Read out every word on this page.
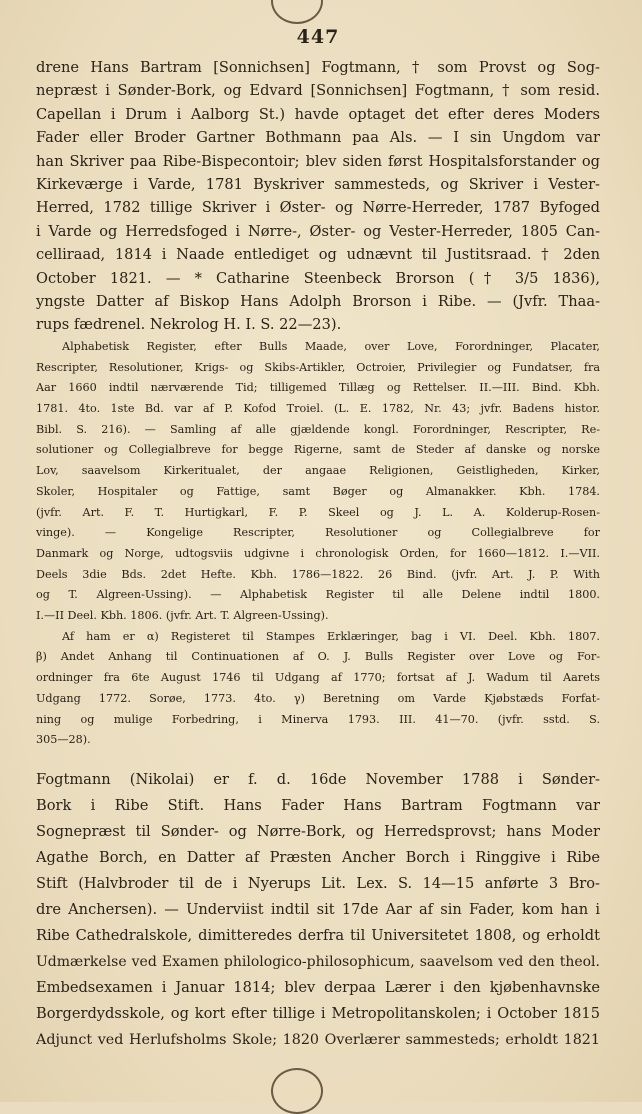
447
drene Hans Bartram [Sonnichsen] Fogtmann, † som Provst og Sog-
nepræst i Sønder-Bork, og Edvard [Sonnichsen] Fogtmann, † som resid.
Capellan i Drum i Aalborg St.) havde optaget det efter deres Moders
Fader eller Broder Gartner Bothmann paa Als. — I sin Ungdom var
han Skriver paa Ribe-Bispecontoir; blev siden først Hospitalsforstander og
Kirkeværge i Varde, 1781 Byskriver sammesteds, og Skriver i Vester-
Herred, 1782 tillige Skriver i Øster- og Nørre-Herreder, 1787 Byfoged
i Varde og Herredsfoged i Nørre-, Øster- og Vester-Herreder, 1805 Can-
celliraad, 1814 i Naade entlediget og udnævnt til Justitsraad. † 2den
October 1821. — * Catharine Steenbeck Brorson († 3/5 1836),
yngste Datter af Biskop Hans Adolph Brorson i Ribe. — (Jvfr. Thaa-
rups fædrenel. Nekrolog H. I. S. 22—23).
Alphabetisk Register, efter Bulls Maade, over Love, Forordninger, Placater,
Rescripter, Resolutioner, Krigs- og Skibs-Artikler, Octroier, Privilegier og Fundatser, fra
Aar 1660 indtil nærværende Tid; tilligemed Tillæg og Rettelser. II.—III. Bind. Kbh.
1781. 4to. 1ste Bd. var af P. Kofod Troiel. (L. E. 1782, Nr. 43; jvfr. Badens histor.
Bibl. S. 216). — Samling af alle gjældende kongl. Forordninger, Rescripter, Re-
solutioner og Collegialbreve for begge Rigerne, samt de Steder af danske og norske
Lov, saavelsom Kirkeritualet, der angaae Religionen, Geistligheden, Kirker,
Skoler, Hospitaler og Fattige, samt Bøger og Almanakker. Kbh. 1784.
(jvfr. Art. F. T. Hurtigkarl, F. P. Skeel og J. L. A. Kolderup-Rosen-
vinge). — Kongelige Rescripter, Resolutioner og Collegialbreve for
Danmark og Norge, udtogsviis udgivne i chronologisk Orden, for 1660—1812. I.—VII.
Deels 3die Bds. 2det Hefte. Kbh. 1786—1822. 26 Bind. (jvfr. Art. J. P. With
og T. Algreen-Ussing). — Alphabetisk Register til alle Delene indtil 1800.
I.—II Deel. Kbh. 1806. (jvfr. Art. T. Algreen-Ussing).
Af ham er α) Registeret til Stampes Erklæringer, bag i VI. Deel. Kbh. 1807.
β) Andet Anhang til Continuationen af O. J. Bulls Register over Love og For-
ordninger fra 6te August 1746 til Udgang af 1770; fortsat af J. Wadum til Aarets
Udgang 1772. Sorøe, 1773. 4to. γ) Beretning om Varde Kjøbstæds Forfat-
ning og mulige Forbedring, i Minerva 1793. III. 41—70. (jvfr. sstd. S.
305—28).
Fogtmann (Nikolai) er f. d. 16de November 1788 i Sønder-
Bork i Ribe Stift. Hans Fader Hans Bartram Fogtmann var
Sognepræst til Sønder- og Nørre-Bork, og Herredsprovst; hans Moder
Agathe Borch, en Datter af Præsten Ancher Borch i Ringgive i Ribe
Stift (Halvbroder til de i Nyerups Lit. Lex. S. 14—15 anførte 3 Bro-
dre Anchersen). — Underviist indtil sit 17de Aar af sin Fader, kom han i
Ribe Cathedralskole, dimitteredes derfra til Universitetet 1808, og erholdt
Udmærkelse ved Examen philologico-philosophicum, saavelsom ved den theol.
Embedsexamen i Januar 1814; blev derpaa Lærer i den kjøbenhavnske
Borgerdydsskole, og kort efter tillige i Metropolitanskolen; i October 1815
Adjunct ved Herlufsholms Skole; 1820 Overlærer sammesteds; erholdt 1821
